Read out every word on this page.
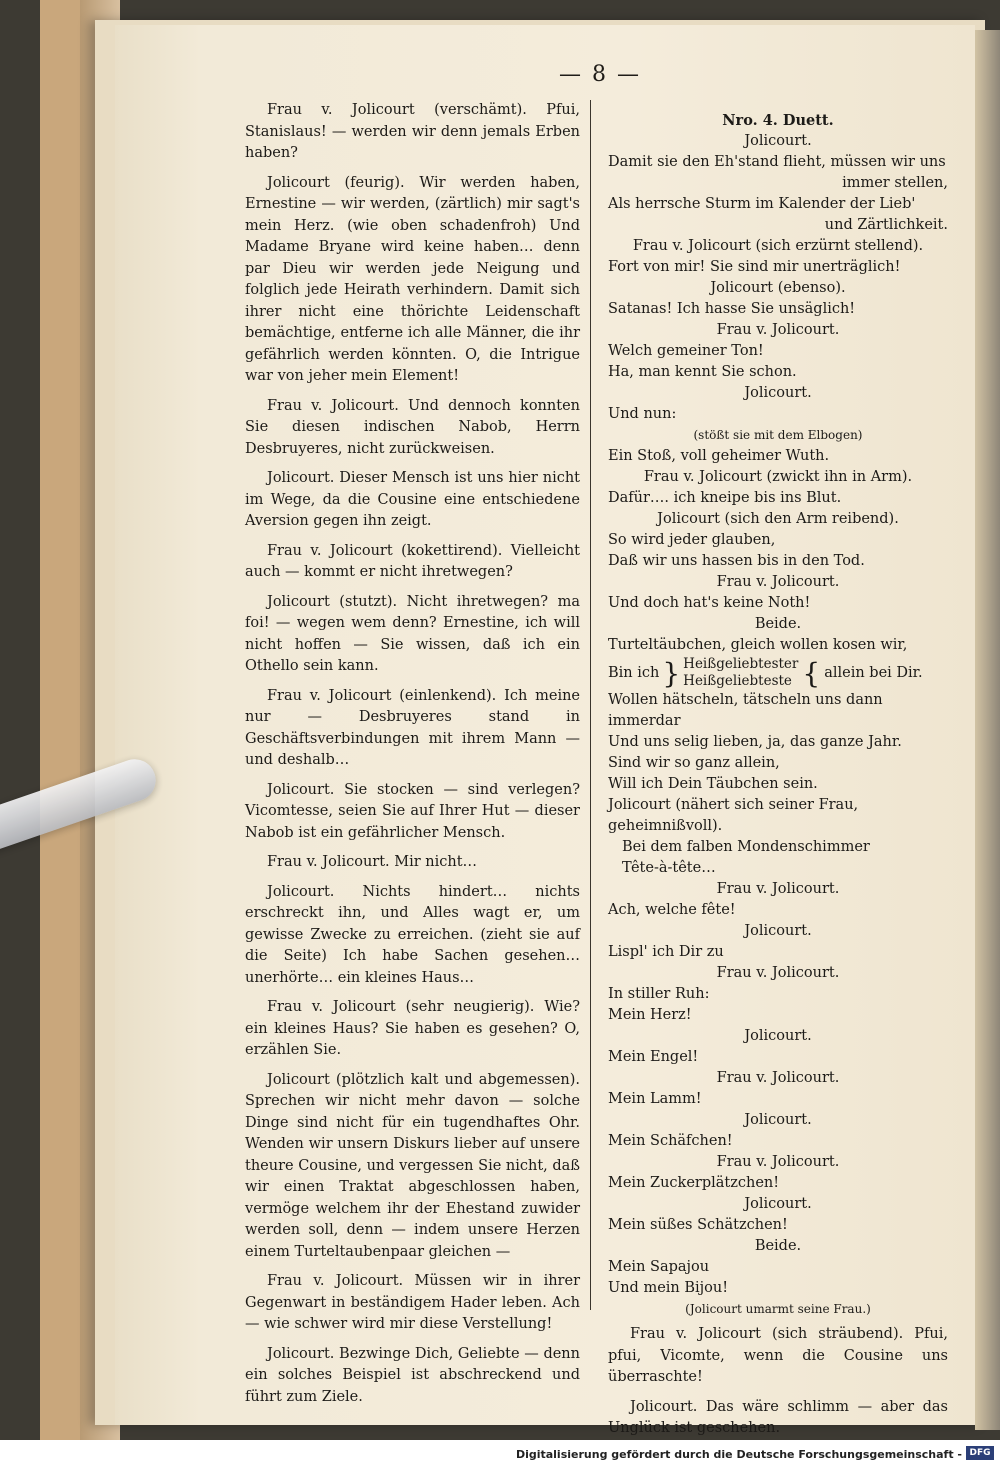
— 8 —

Frau v. Jolicourt (verschämt). Pfui, Stanislaus! — werden wir denn jemals Erben haben?

Jolicourt (feurig). Wir werden haben, Ernestine — wir werden, (zärtlich) mir sagt's mein Herz. (wie oben schadenfroh) Und Madame Bryane wird keine haben… denn par Dieu wir werden jede Neigung und folglich jede Heirath verhindern. Damit sich ihrer nicht eine thörichte Leidenschaft bemächtige, entferne ich alle Männer, die ihr gefährlich werden könnten. O, die Intrigue war von jeher mein Element!

Frau v. Jolicourt. Und dennoch konnten Sie diesen indischen Nabob, Herrn Desbruyeres, nicht zurückweisen.

Jolicourt. Dieser Mensch ist uns hier nicht im Wege, da die Cousine eine entschiedene Aversion gegen ihn zeigt.

Frau v. Jolicourt (kokettirend). Vielleicht auch — kommt er nicht ihretwegen?

Jolicourt (stutzt). Nicht ihretwegen? ma foi! — wegen wem denn? Ernestine, ich will nicht hoffen — Sie wissen, daß ich ein Othello sein kann.

Frau v. Jolicourt (einlenkend). Ich meine nur — Desbruyeres stand in Geschäftsverbindungen mit ihrem Mann — und deshalb…

Jolicourt. Sie stocken — sind verlegen? Vicomtesse, seien Sie auf Ihrer Hut — dieser Nabob ist ein gefährlicher Mensch.

Frau v. Jolicourt. Mir nicht…

Jolicourt. Nichts hindert… nichts erschreckt ihn, und Alles wagt er, um gewisse Zwecke zu erreichen. (zieht sie auf die Seite) Ich habe Sachen gesehen… unerhörte… ein kleines Haus…

Frau v. Jolicourt (sehr neugierig). Wie? ein kleines Haus? Sie haben es gesehen? O, erzählen Sie.

Jolicourt (plötzlich kalt und abgemessen). Sprechen wir nicht mehr davon — solche Dinge sind nicht für ein tugendhaftes Ohr. Wenden wir unsern Diskurs lieber auf unsere theure Cousine, und vergessen Sie nicht, daß wir einen Traktat abgeschlossen haben, vermöge welchem ihr der Ehestand zuwider werden soll, denn — indem unsere Herzen einem Turteltaubenpaar gleichen —

Frau v. Jolicourt. Müssen wir in ihrer Gegenwart in beständigem Hader leben. Ach — wie schwer wird mir diese Verstellung!

Jolicourt. Bezwinge Dich, Geliebte — denn ein solches Beispiel ist abschreckend und führt zum Ziele.

Nro. 4. Duett.

Jolicourt.

Damit sie den Eh'stand flieht, müssen wir uns

immer stellen,

Als herrsche Sturm im Kalender der Lieb'

und Zärtlichkeit.

Frau v. Jolicourt (sich erzürnt stellend).

Fort von mir! Sie sind mir unerträglich!

Jolicourt (ebenso).

Satanas! Ich hasse Sie unsäglich!

Frau v. Jolicourt.

Welch gemeiner Ton!

Ha, man kennt Sie schon.

Jolicourt.

Und nun:

(stößt sie mit dem Elbogen)

Ein Stoß, voll geheimer Wuth.

Frau v. Jolicourt (zwickt ihn in Arm).

Dafür…. ich kneipe bis ins Blut.

Jolicourt (sich den Arm reibend).

So wird jeder glauben,

Daß wir uns hassen bis in den Tod.

Frau v. Jolicourt.

Und doch hat's keine Noth!

Beide.

Turteltäubchen, gleich wollen kosen wir,

Bin ich } Heißgeliebtester
Heißgeliebteste { allein bei Dir.

Wollen hätscheln, tätscheln uns dann immerdar

Und uns selig lieben, ja, das ganze Jahr.

Sind wir so ganz allein,

Will ich Dein Täubchen sein.

Jolicourt (nähert sich seiner Frau, geheimnißvoll).

Bei dem falben Mondenschimmer

Tête-à-tête…

Frau v. Jolicourt.

Ach, welche fête!

Jolicourt.

Lispl' ich Dir zu

Frau v. Jolicourt.

In stiller Ruh:

Mein Herz!

Jolicourt.

Mein Engel!

Frau v. Jolicourt.

Mein Lamm!

Jolicourt.

Mein Schäfchen!

Frau v. Jolicourt.

Mein Zuckerplätzchen!

Jolicourt.

Mein süßes Schätzchen!

Beide.

Mein Sapajou

Und mein Bijou!

(Jolicourt umarmt seine Frau.)

Frau v. Jolicourt (sich sträubend). Pfui, pfui, Vicomte, wenn die Cousine uns überraschte!

Jolicourt. Das wäre schlimm — aber das Unglück ist geschehen.

Digitalisierung gefördert durch die Deutsche Forschungsgemeinschaft - DFG
